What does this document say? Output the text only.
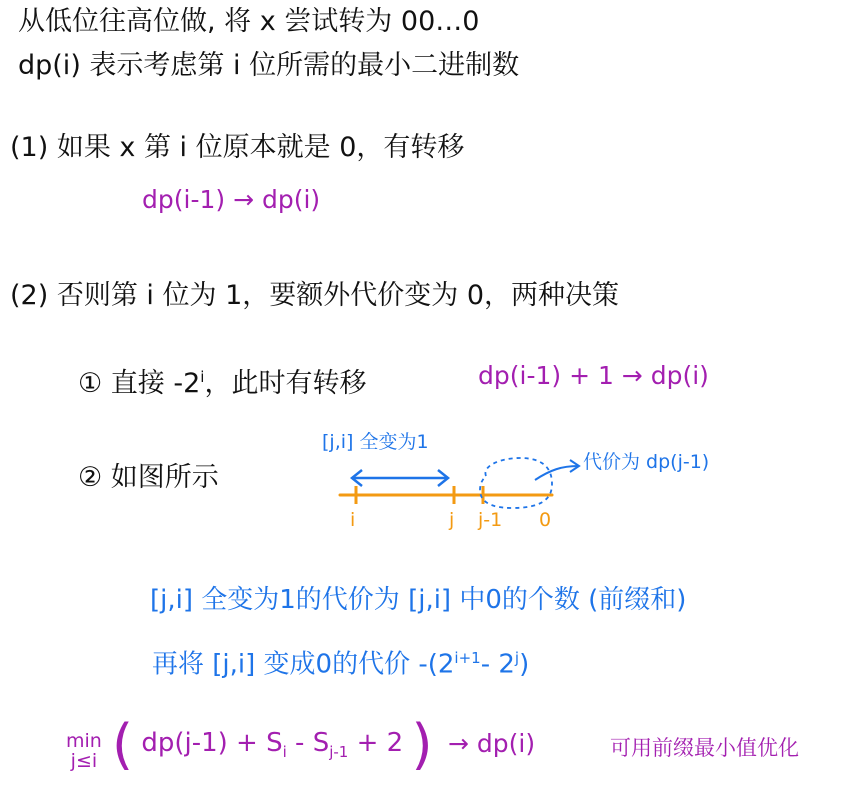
从低位往高位做, 将 x 尝试转为 00…0
dp(i) 表示考虑第 i 位所需的最小二进制数
(1) 如果 x 第 i 位原本就是 0，有转移
dp(i-1) → dp(i)
(2) 否则第 i 位为 1，要额外代价变为 0，两种决策
① 直接 -2$^i$，此时有转移	dp(i-1) + 1 → dp(i)
② 如图所示
[j,i] 全变为1
代价为 dp(j-1)
i	j j-1 0
[j,i] 全变为1的代价为 [j,i] 中0的个数 (前缀和)
再将 [j,i] 变成0的代价 $-(2^{i+1}-$ 2$^j$)
min
j≤i ( $dp(j-1) + S_i - S_{j-1} + 2$ ) → dp(i)	可用前缀最小值优化
